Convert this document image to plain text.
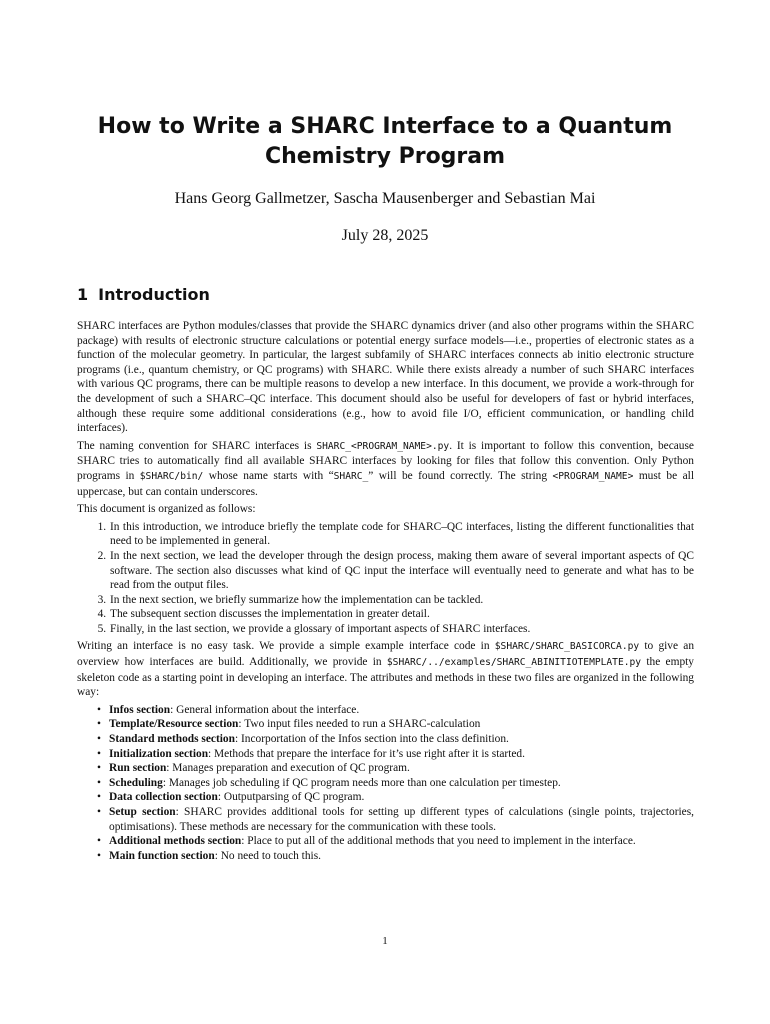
How to Write a SHARC Interface to a Quantum Chemistry Program
Hans Georg Gallmetzer, Sascha Mausenberger and Sebastian Mai
July 28, 2025
1 Introduction

SHARC interfaces are Python modules/classes that provide the SHARC dynamics driver (and also other programs within the SHARC package) with results of electronic structure calculations or potential energy surface models—i.e., properties of electronic states as a function of the molecular geometry. In particular, the largest subfamily of SHARC interfaces connects ab initio electronic structure programs (i.e., quantum chemistry, or QC programs) with SHARC. While there exists already a number of such SHARC interfaces with various QC programs, there can be multiple reasons to develop a new interface. In this document, we provide a work-through for the development of such a SHARC–QC interface. This document should also be useful for developers of fast or hybrid interfaces, although these require some additional considerations (e.g., how to avoid file I/O, efficient communication, or handling child interfaces).

The naming convention for SHARC interfaces is SHARC_<PROGRAM_NAME>.py. It is important to follow this convention, because SHARC tries to automatically find all available SHARC interfaces by looking for files that follow this convention. Only Python programs in $SHARC/bin/ whose name starts with “SHARC_” will be found correctly. The string <PROGRAM_NAME> must be all uppercase, but can contain underscores.

This document is organized as follows:

1. In this introduction, we introduce briefly the template code for SHARC–QC interfaces, listing the different functionalities that need to be implemented in general.
2. In the next section, we lead the developer through the design process, making them aware of several important aspects of QC software. The section also discusses what kind of QC input the interface will eventually need to generate and what has to be read from the output files.
3. In the next section, we briefly summarize how the implementation can be tackled.
4. The subsequent section discusses the implementation in greater detail.
5. Finally, in the last section, we provide a glossary of important aspects of SHARC interfaces.

Writing an interface is no easy task. We provide a simple example interface code in $SHARC/SHARC_BASICORCA.py to give an overview how interfaces are build. Additionally, we provide in $SHARC/../examples/SHARC_ABINITIOTEMPLATE.py the empty skeleton code as a starting point in developing an interface. The attributes and methods in these two files are organized in the following way:

• Infos section: General information about the interface.
• Template/Resource section: Two input files needed to run a SHARC-calculation
• Standard methods section: Incorportation of the Infos section into the class definition.
• Initialization section: Methods that prepare the interface for it’s use right after it is started.
• Run section: Manages preparation and execution of QC program.
• Scheduling: Manages job scheduling if QC program needs more than one calculation per timestep.
• Data collection section: Outputparsing of QC program.
• Setup section: SHARC provides additional tools for setting up different types of calculations (single points, trajectories, optimisations). These methods are necessary for the communication with these tools.
• Additional methods section: Place to put all of the additional methods that you need to implement in the interface.
• Main function section: No need to touch this.
1
